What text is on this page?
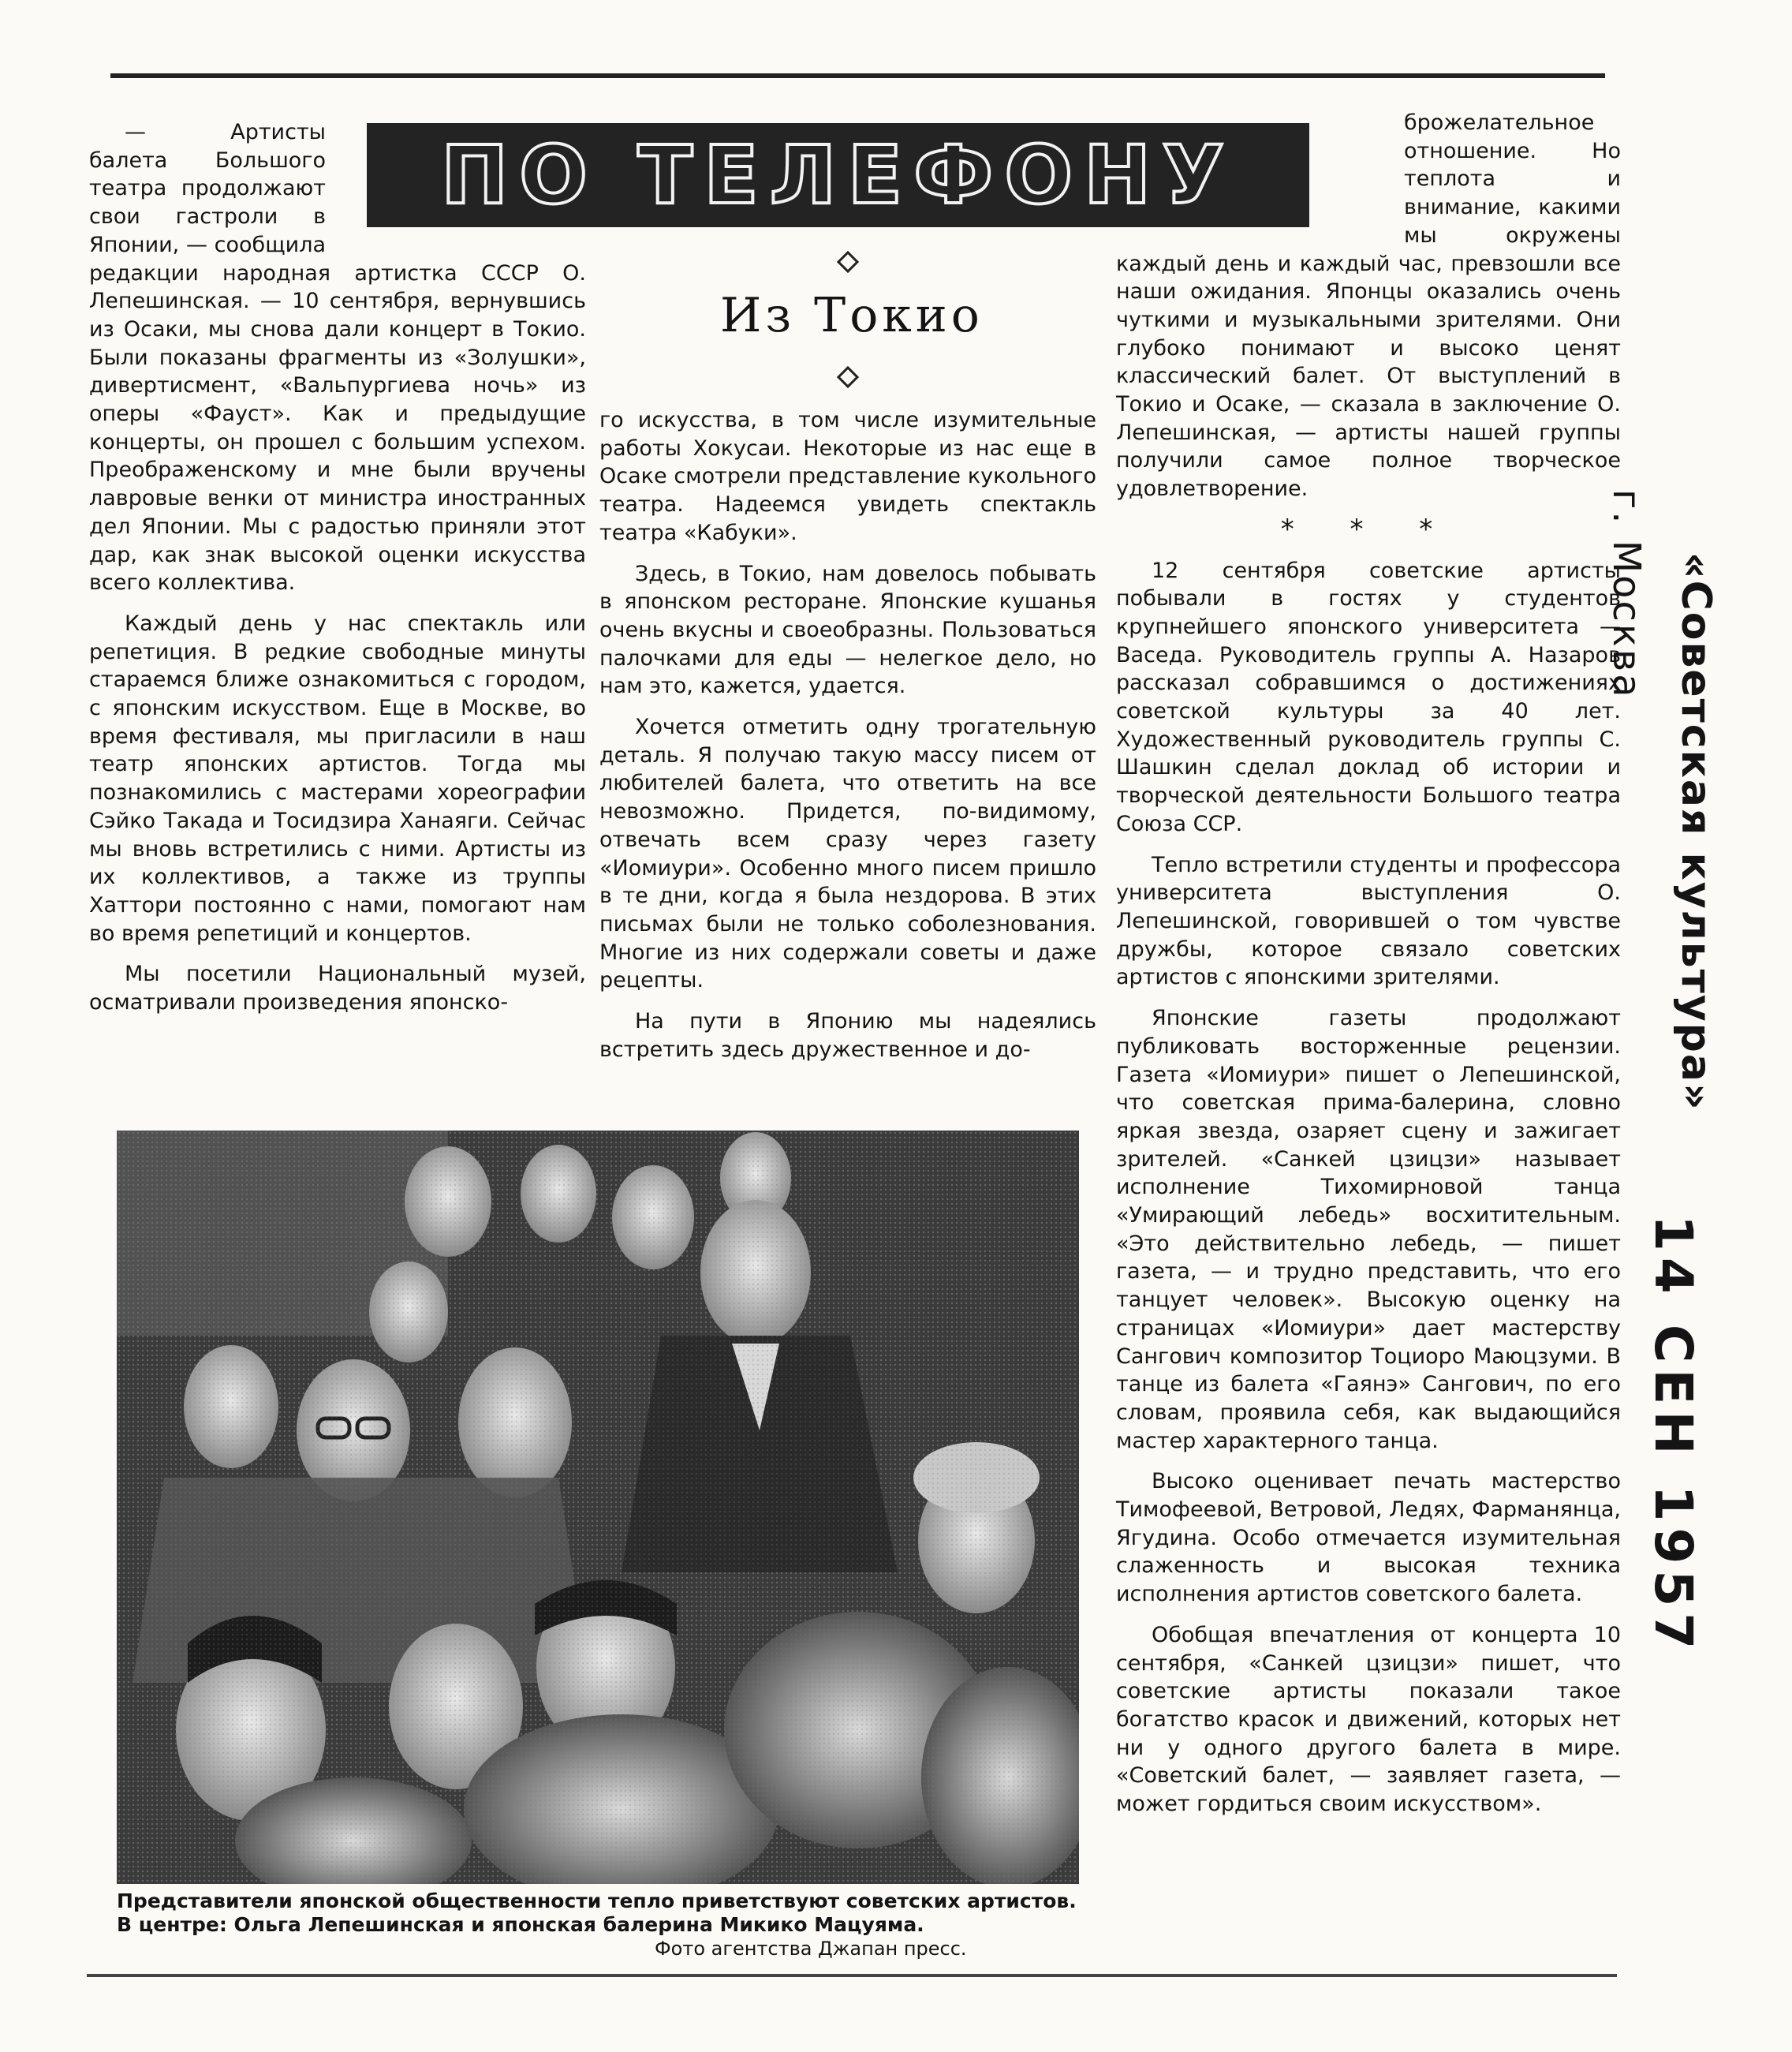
ПО ТЕЛЕФОНУ
Из Токио

— Артисты балета Большого театра продолжают свои гастроли в Японии, — сообщила редакции народная артистка СССР О. Лепешинская. — 10 сентября, вернувшись из Осаки, мы снова дали концерт в Токио. Были показаны фрагменты из «Золушки», дивертисмент, «Вальпургиева ночь» из оперы «Фауст». Как и предыдущие концерты, он прошел с большим успехом. Преображенскому и мне были вручены лавровые венки от министра иностранных дел Японии. Мы с радостью приняли этот дар, как знак высокой оценки искусства всего коллектива.

Каждый день у нас спектакль или репетиция. В редкие свободные минуты стараемся ближе ознакомиться с городом, с японским искусством. Еще в Москве, во время фестиваля, мы пригласили в наш театр японских артистов. Тогда мы познакомились с мастерами хореографии Сэйко Такада и Тосидзира Ханаяги. Сейчас мы вновь встретились с ними. Артисты из их коллективов, а также из труппы Хаттори постоянно с нами, помогают нам во время репетиций и концертов.

Мы посетили Национальный музей, осматривали произведения японско-

го искусства, в том числе изумительные работы Хокусаи. Некоторые из нас еще в Осаке смотрели представление кукольного театра. Надеемся увидеть спектакль театра «Кабуки».

Здесь, в Токио, нам довелось побывать в японском ресторане. Японские кушанья очень вкусны и своеобразны. Пользоваться палочками для еды — нелегкое дело, но нам это, кажется, удается.

Хочется отметить одну трогательную деталь. Я получаю такую массу писем от любителей балета, что ответить на все невозможно. Придется, по-видимому, отвечать всем сразу через газету «Иомиури». Особенно много писем пришло в те дни, когда я была нездорова. В этих письмах были не только соболезнования. Многие из них содержали советы и даже рецепты.

На пути в Японию мы надеялись встретить здесь дружественное и до-

брожелательное отношение. Но теплота и внимание, какими мы окружены каждый день и каждый час, превзошли все наши ожидания. Японцы оказались очень чуткими и музыкальными зрителями. Они глубоко понимают и высоко ценят классический балет. От выступлений в Токио и Осаке, — сказала в заключение О. Лепешинская, — артисты нашей группы получили самое полное творческое удовлетворение.

* * *

12 сентября советские артисты побывали в гостях у студентов крупнейшего японского университета — Васеда. Руководитель группы А. Назаров рассказал собравшимся о достижениях советской культуры за 40 лет. Художественный руководитель группы С. Шашкин сделал доклад об истории и творческой деятельности Большого театра Союза ССР.

Тепло встретили студенты и профессора университета выступления О. Лепешинской, говорившей о том чувстве дружбы, которое связало советских артистов с японскими зрителями.

Японские газеты продолжают публиковать восторженные рецензии. Газета «Иомиури» пишет о Лепешинской, что советская прима-балерина, словно яркая звезда, озаряет сцену и зажигает зрителей. «Санкей цзицзи» называет исполнение Тихомирновой танца «Умирающий лебедь» восхитительным. «Это действительно лебедь, — пишет газета, — и трудно представить, что его танцует человек». Высокую оценку на страницах «Иомиури» дает мастерству Сангович композитор Тоциоро Маюцзуми. В танце из балета «Гаянэ» Сангович, по его словам, проявила себя, как выдающийся мастер характерного танца.

Высоко оценивает печать мастерство Тимофеевой, Ветровой, Ледях, Фарманянца, Ягудина. Особо отмечается изумительная слаженность и высокая техника исполнения артистов советского балета.

Обобщая впечатления от концерта 10 сентября, «Санкей цзицзи» пишет, что советские артисты показали такое богатство красок и движений, которых нет ни у одного другого балета в мире. «Советский балет, — заявляет газета, — может гордиться своим искусством».

Представители японской общественности тепло приветствуют советских артистов. В центре: Ольга Лепешинская и японская балерина Микико Мацуяма.
Фото агентства Джапан пресс.
«Советская культура»
г. Москва
14 СЕН 1957
